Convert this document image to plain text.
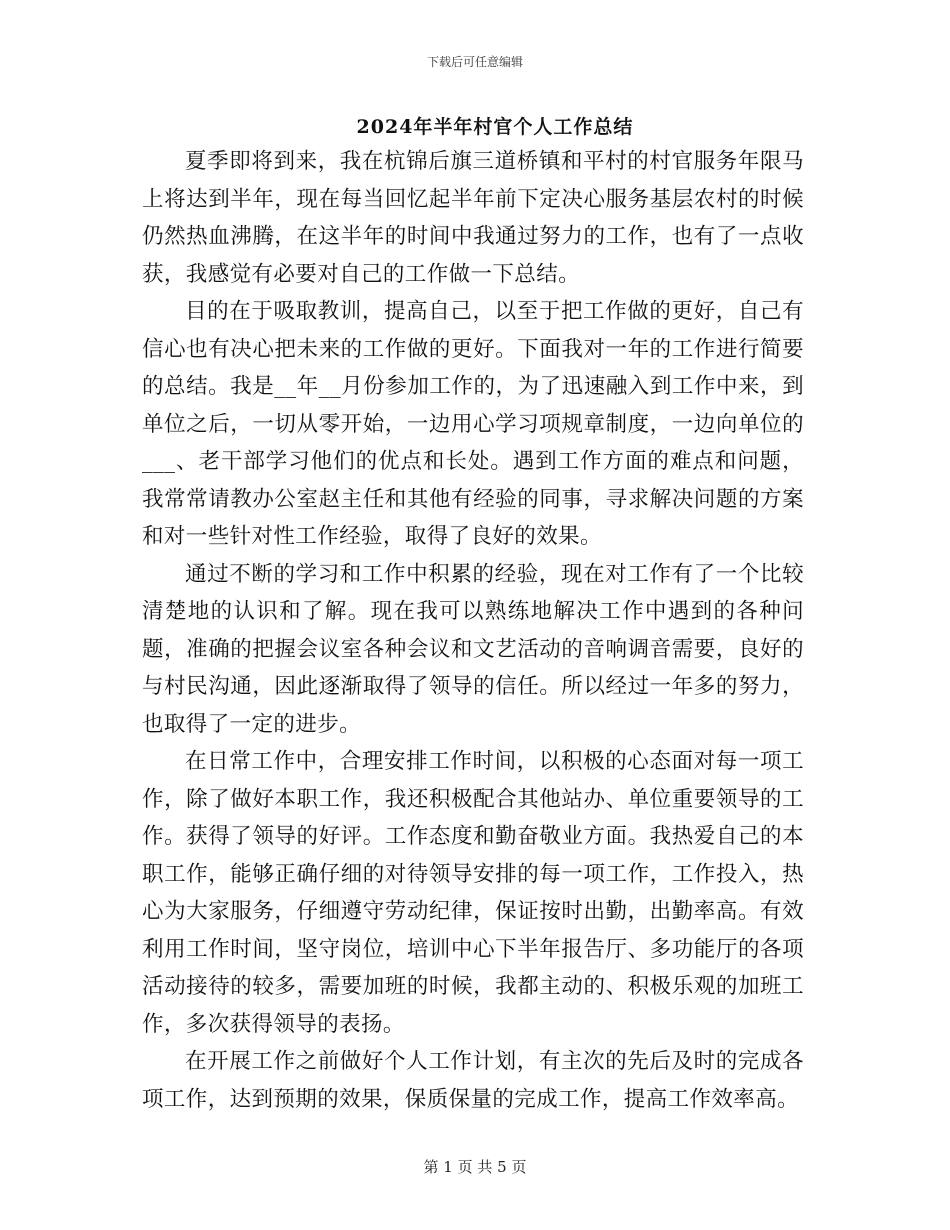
下载后可任意编辑
2024年半年村官个人工作总结

夏季即将到来，我在杭锦后旗三道桥镇和平村的村官服务年限马上将达到半年，现在每当回忆起半年前下定决心服务基层农村的时候仍然热血沸腾，在这半年的时间中我通过努力的工作，也有了一点收获，我感觉有必要对自己的工作做一下总结。

目的在于吸取教训，提高自己，以至于把工作做的更好，自己有信心也有决心把未来的工作做的更好。下面我对一年的工作进行简要的总结。我是__年__月份参加工作的，为了迅速融入到工作中来，到单位之后，一切从零开始，一边用心学习项规章制度，一边向单位的___、老干部学习他们的优点和长处。遇到工作方面的难点和问题，我常常请教办公室赵主任和其他有经验的同事，寻求解决问题的方案和对一些针对性工作经验，取得了良好的效果。

通过不断的学习和工作中积累的经验，现在对工作有了一个比较清楚地的认识和了解。现在我可以熟练地解决工作中遇到的各种问题，准确的把握会议室各种会议和文艺活动的音响调音需要，良好的与村民沟通，因此逐渐取得了领导的信任。所以经过一年多的努力，也取得了一定的进步。

在日常工作中，合理安排工作时间，以积极的心态面对每一项工作，除了做好本职工作，我还积极配合其他站办、单位重要领导的工作。获得了领导的好评。工作态度和勤奋敬业方面。我热爱自己的本职工作，能够正确仔细的对待领导安排的每一项工作，工作投入，热心为大家服务，仔细遵守劳动纪律，保证按时出勤，出勤率高。有效利用工作时间，坚守岗位，培训中心下半年报告厅、多功能厅的各项活动接待的较多，需要加班的时候，我都主动的、积极乐观的加班工作，多次获得领导的表扬。

在开展工作之前做好个人工作计划，有主次的先后及时的完成各项工作，达到预期的效果，保质保量的完成工作，提高工作效率高。

第 1 页 共 5 页
